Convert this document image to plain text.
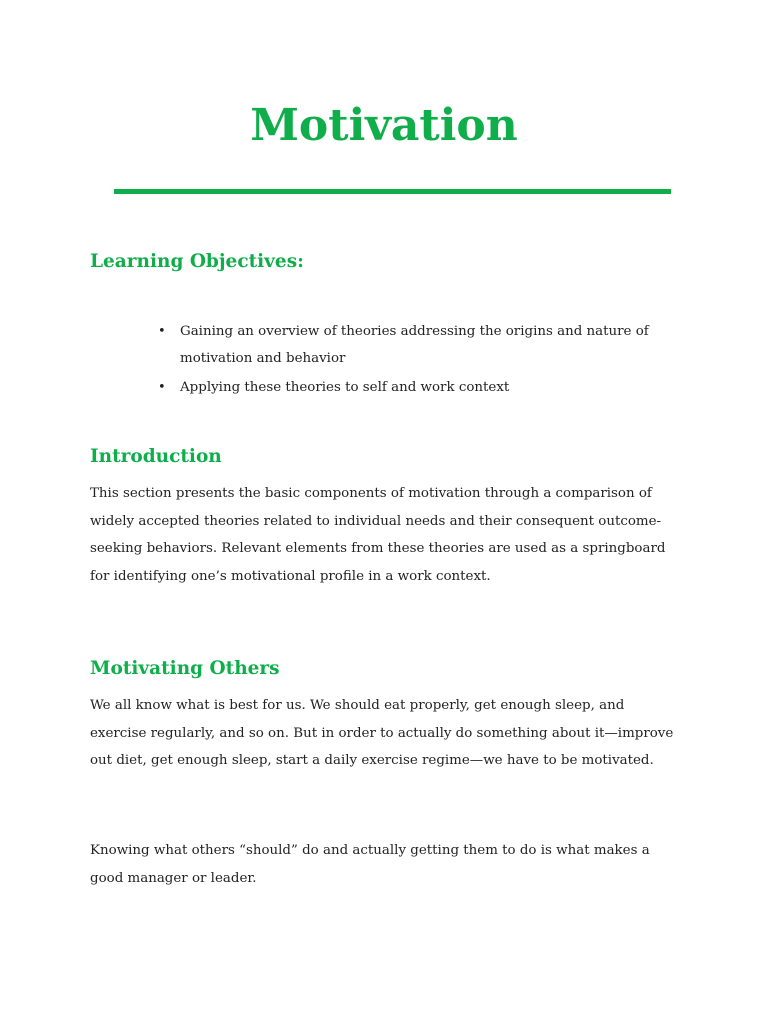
Motivation
Learning Objectives:
• Gaining an overview of theories addressing the origins and nature of motivation and behavior
• Applying these theories to self and work context
Introduction

This section presents the basic components of motivation through a comparison of widely accepted theories related to individual needs and their consequent outcome-seeking behaviors. Relevant elements from these theories are used as a springboard for identifying one’s motivational profile in a work context.

Motivating Others

We all know what is best for us. We should eat properly, get enough sleep, and exercise regularly, and so on. But in order to actually do something about it—improve out diet, get enough sleep, start a daily exercise regime—we have to be motivated.

Knowing what others “should” do and actually getting them to do is what makes a good manager or leader.
